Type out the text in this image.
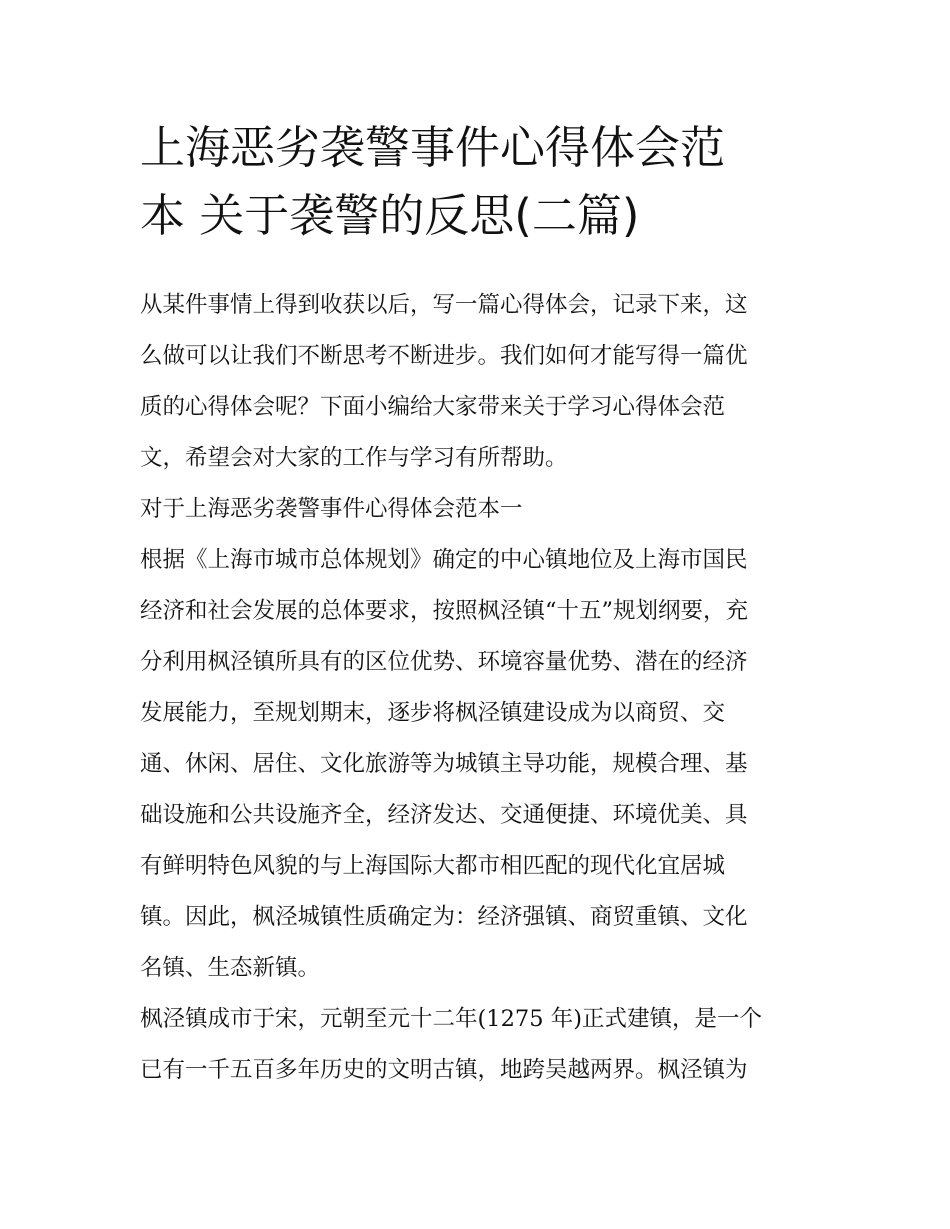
上海恶劣袭警事件心得体会范
本 关于袭警的反思(二篇)
从某件事情上得到收获以后，写一篇心得体会，记录下来，这
么做可以让我们不断思考不断进步。我们如何才能写得一篇优
质的心得体会呢？下面小编给大家带来关于学习心得体会范
文，希望会对大家的工作与学习有所帮助。
对于上海恶劣袭警事件心得体会范本一
根据《上海市城市总体规划》确定的中心镇地位及上海市国民
经济和社会发展的总体要求，按照枫泾镇“十五”规划纲要，充
分利用枫泾镇所具有的区位优势、环境容量优势、潜在的经济
发展能力，至规划期末，逐步将枫泾镇建设成为以商贸、交
通、休闲、居住、文化旅游等为城镇主导功能，规模合理、基
础设施和公共设施齐全，经济发达、交通便捷、环境优美、具
有鲜明特色风貌的与上海国际大都市相匹配的现代化宜居城
镇。因此，枫泾城镇性质确定为：经济强镇、商贸重镇、文化
名镇、生态新镇。
枫泾镇成市于宋，元朝至元十二年(1275 年)正式建镇，是一个
已有一千五百多年历史的文明古镇，地跨吴越两界。枫泾镇为
